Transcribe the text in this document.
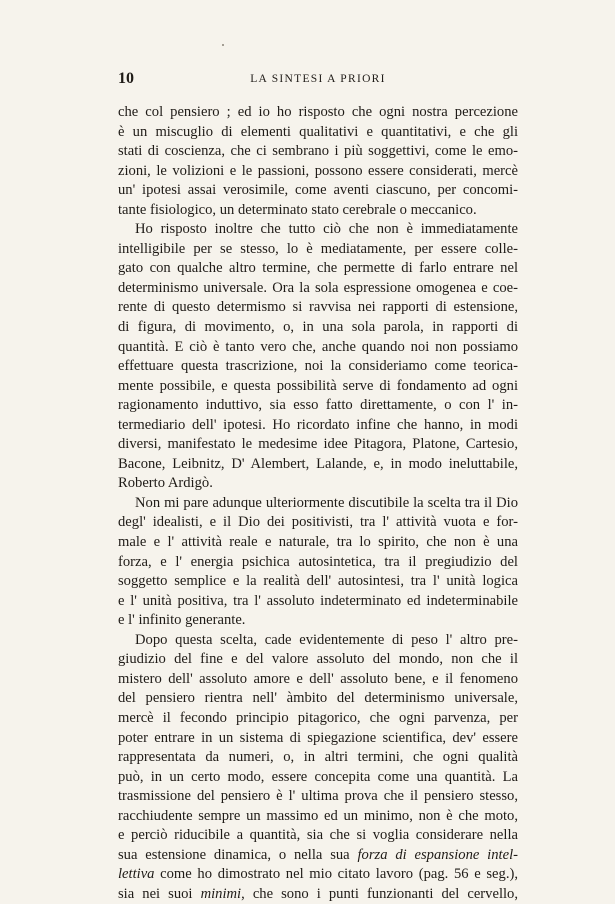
10	LA SINTESI A PRIORI
che col pensiero ; ed io ho risposto che ogni nostra percezione
è un miscuglio di elementi qualitativi e quantitativi, e che gli
stati di coscienza, che ci sembrano i più soggettivi, come le emo-
zioni, le volizioni e le passioni, possono essere considerati, mercè
un' ipotesi assai verosimile, come aventi ciascuno, per concomi-
tante fisiologico, un determinato stato cerebrale o meccanico.
Ho risposto inoltre che tutto ciò che non è immediatamente
intelligibile per se stesso, lo è mediatamente, per essere colle-
gato con qualche altro termine, che permette di farlo entrare nel
determinismo universale. Ora la sola espressione omogenea e coe-
rente di questo determismo si ravvisa nei rapporti di estensione,
di figura, di movimento, o, in una sola parola, in rapporti di
quantità. E ciò è tanto vero che, anche quando noi non possiamo
effettuare questa trascrizione, noi la consideriamo come teorica-
mente possibile, e questa possibilità serve di fondamento ad ogni
ragionamento induttivo, sia esso fatto direttamente, o con l' in-
termediario dell' ipotesi. Ho ricordato infine che hanno, in modi
diversi, manifestato le medesime idee Pitagora, Platone, Cartesio,
Bacone, Leibnitz, D' Alembert, Lalande, e, in modo ineluttabile,
Roberto Ardigò.
Non mi pare adunque ulteriormente discutibile la scelta tra il Dio
degl' idealisti, e il Dio dei positivisti, tra l' attività vuota e for-
male e l' attività reale e naturale, tra lo spirito, che non è una
forza, e l' energia psichica autosintetica, tra il pregiudizio del
soggetto semplice e la realità dell' autosintesi, tra l' unità logica
e l' unità positiva, tra l' assoluto indeterminato ed indeterminabile
e l' infinito generante.
Dopo questa scelta, cade evidentemente di peso l' altro pre-
giudizio del fine e del valore assoluto del mondo, non che il
mistero dell' assoluto amore e dell' assoluto bene, e il fenomeno
del pensiero rientra nell' àmbito del determinismo universale,
mercè il fecondo principio pitagorico, che ogni parvenza, per
poter entrare in un sistema di spiegazione scientifica, dev' essere
rappresentata da numeri, o, in altri termini, che ogni qualità
può, in un certo modo, essere concepita come una quantità. La
trasmissione del pensiero è l' ultima prova che il pensiero stesso,
racchiudente sempre un massimo ed un minimo, non è che moto,
e perciò riducibile a quantità, sia che si voglia considerare nella
sua estensione dinamica, o nella sua forza di espansione intel-
lettiva come ho dimostrato nel mio citato lavoro (pag. 56 e seg.),
sia nei suoi minimi, che sono i punti funzionanti del cervello,
